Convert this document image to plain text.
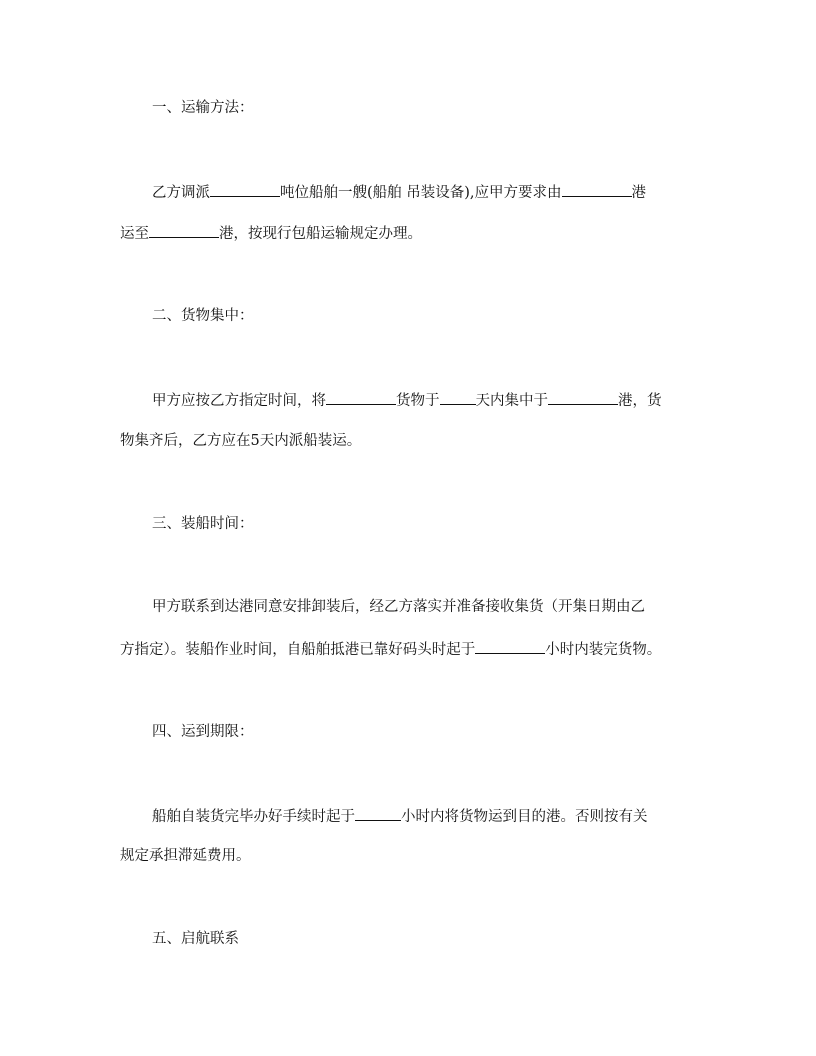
一、运输方法：
乙方调派	吨位船舶一艘(船舶 吊装设备),应甲方要求由	港
运至	港，按现行包船运输规定办理。
二、货物集中：
甲方应按乙方指定时间，将	货物于 天内集中于	港，货
物集齐后，乙方应在5天内派船装运。
三、装船时间：
甲方联系到达港同意安排卸装后，经乙方落实并准备接收集货（开集日期由乙
方指定）。装船作业时间，自船舶抵港已靠好码头时起于	小时内装完货物。
四、运到期限：
船舶自装货完毕办好手续时起于	小时内将货物运到目的港。否则按有关
规定承担滞延费用。
五、启航联系
